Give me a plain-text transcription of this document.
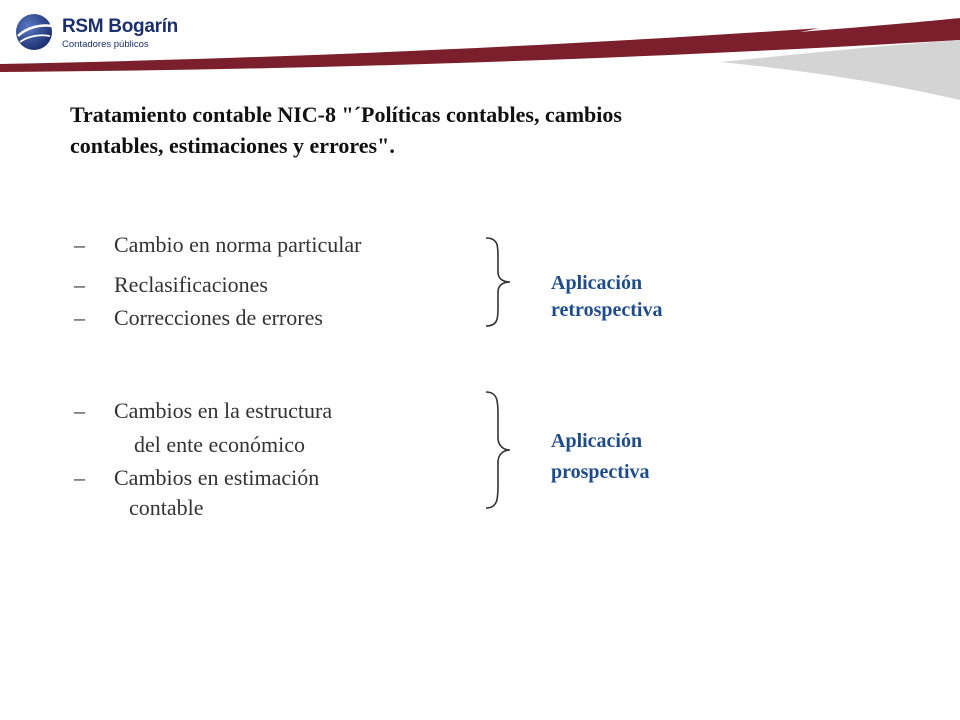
RSM Bogarín
Contadores públicos
Tratamiento contable NIC-8 "´Políticas contables, cambios
contables, estimaciones y errores".
– Cambio en norma particular
– Reclasificaciones
– Correcciones de errores
Aplicación
retrospectiva
– Cambios en la estructura
del ente económico
– Cambios en estimación
contable
Aplicación
prospectiva
